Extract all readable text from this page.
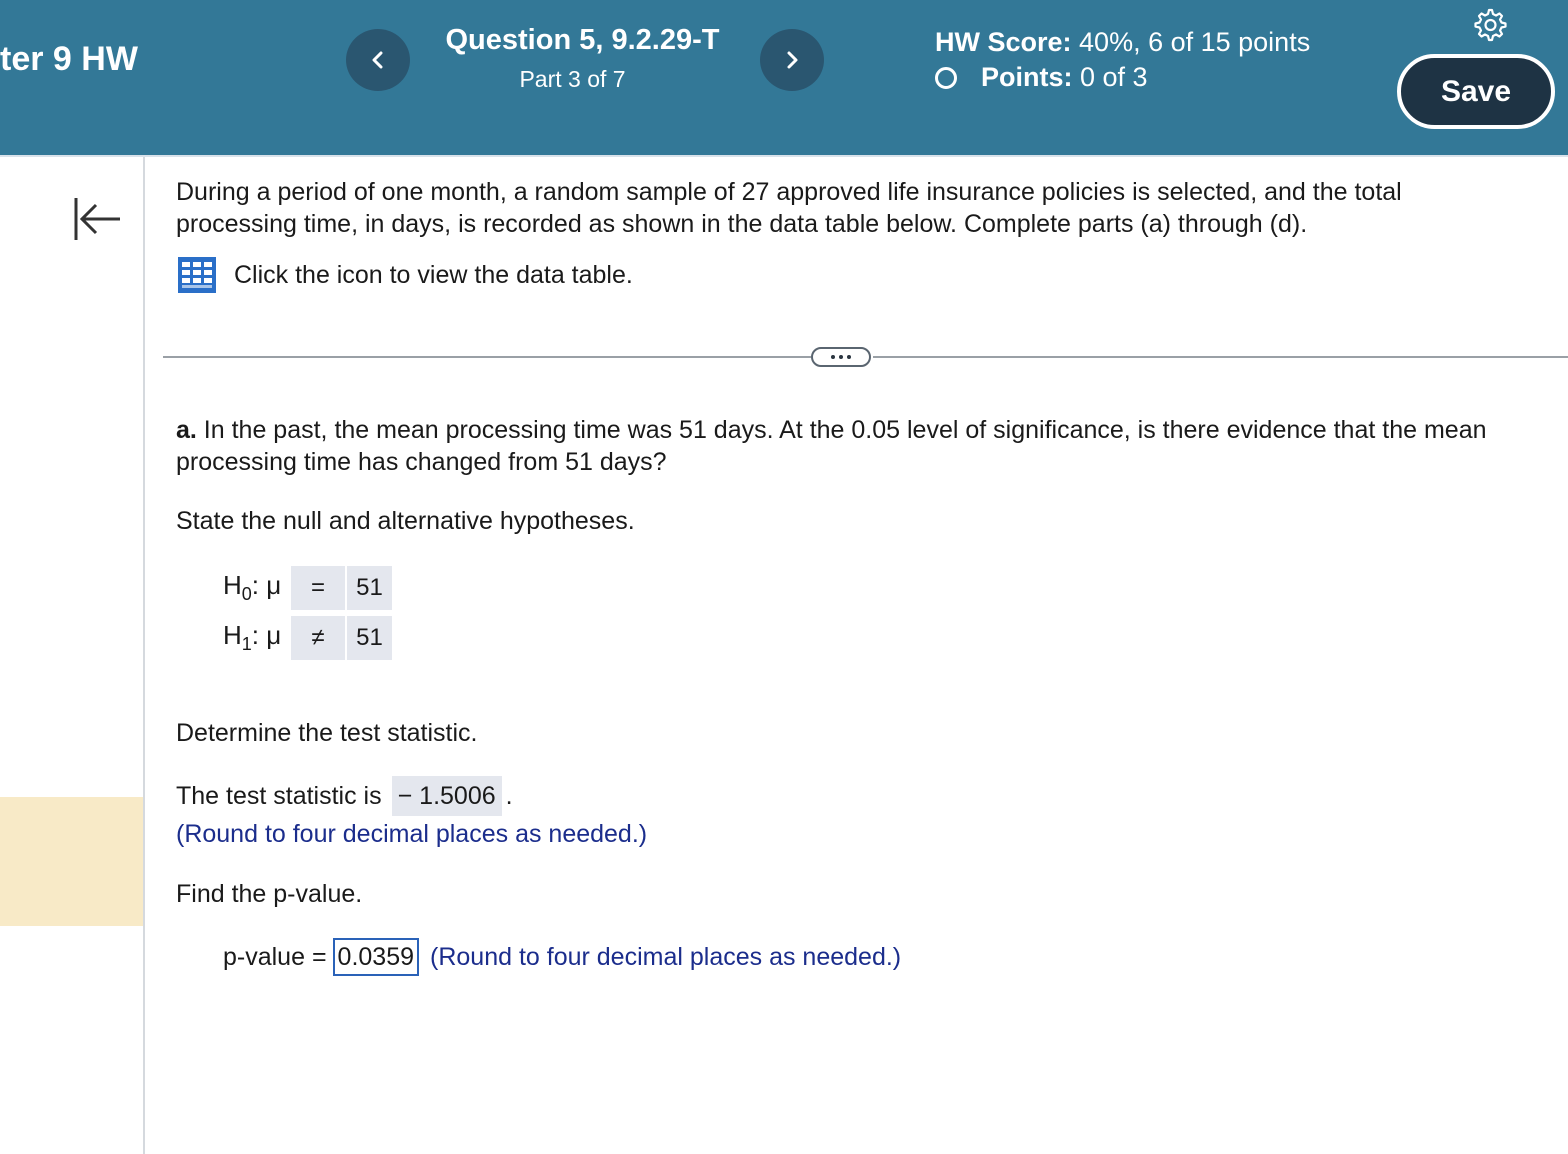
ter 9 HW	Question 5, 9.2.29-T
Part 3 of 7
HW Score: 40%, 6 of 15 points
Points: 0 of 3	Save
During a period of one month, a random sample of 27 approved life insurance policies is selected, and the total processing time, in days, is recorded as shown in the data table below. Complete parts (a) through (d).
Click the icon to view the data table.
a. In the past, the mean processing time was 51 days. At the 0.05 level of significance, is there evidence that the mean processing time has changed from 51 days?
State the null and alternative hypotheses.
$H_0$: μ	=	51
$H_1$: μ	≠	51
Determine the test statistic.
The test statistic is − 1.5006 .
(Round to four decimal places as needed.)
Find the p-value.
p-value = 0.0359 (Round to four decimal places as needed.)
